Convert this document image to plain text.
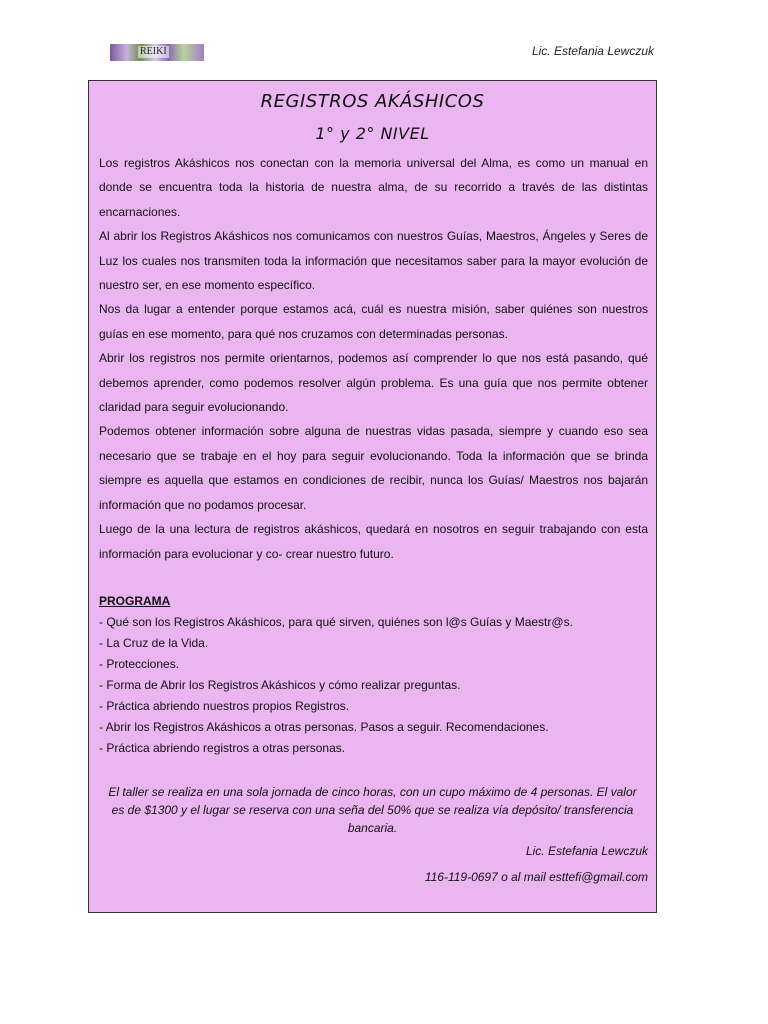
REIKI	Lic. Estefania Lewczuk
REGISTROS AKÁSHICOS
1° y 2° NIVEL

Los registros Akáshicos nos conectan con la memoria universal del Alma, es como un manual en donde se encuentra toda la historia de nuestra alma, de su recorrido a través de las distintas encarnaciones.

Al abrir los Registros Akáshicos nos comunicamos con nuestros Guías, Maestros, Ángeles y Seres de Luz los cuales nos transmiten toda la información que necesitamos saber para la mayor evolución de nuestro ser, en ese momento específico.

Nos da lugar a entender porque estamos acá, cuál es nuestra misión, saber quiénes son nuestros guías en ese momento, para qué nos cruzamos con determinadas personas.

Abrir los registros nos permite orientarnos, podemos así comprender lo que nos está pasando, qué debemos aprender, como podemos resolver algún problema. Es una guía que nos permite obtener claridad para seguir evolucionando.

Podemos obtener información sobre alguna de nuestras vidas pasada, siempre y cuando eso sea necesario que se trabaje en el hoy para seguir evolucionando. Toda la información que se brinda siempre es aquella que estamos en condiciones de recibir, nunca los Guías/ Maestros nos bajarán información que no podamos procesar.

Luego de la una lectura de registros akáshicos, quedará en nosotros en seguir trabajando con esta información para evolucionar y co- crear nuestro futuro.

PROGRAMA
- Qué son los Registros Akáshicos, para qué sirven, quiénes son l@s Guías y Maestr@s.
- La Cruz de la Vida.
- Protecciones.
- Forma de Abrir los Registros Akáshicos y cómo realizar preguntas.
- Práctica abriendo nuestros propios Registros.
- Abrir los Registros Akáshicos a otras personas. Pasos a seguir. Recomendaciones.
- Práctica abriendo registros a otras personas.
El taller se realiza en una sola jornada de cinco horas, con un cupo máximo de 4 personas. El valor es de $1300 y el lugar se reserva con una seña del 50% que se realiza vía depósito/ transferencia bancaria.
Lic. Estefania Lewczuk
116-119-0697 o al mail esttefi@gmail.com
